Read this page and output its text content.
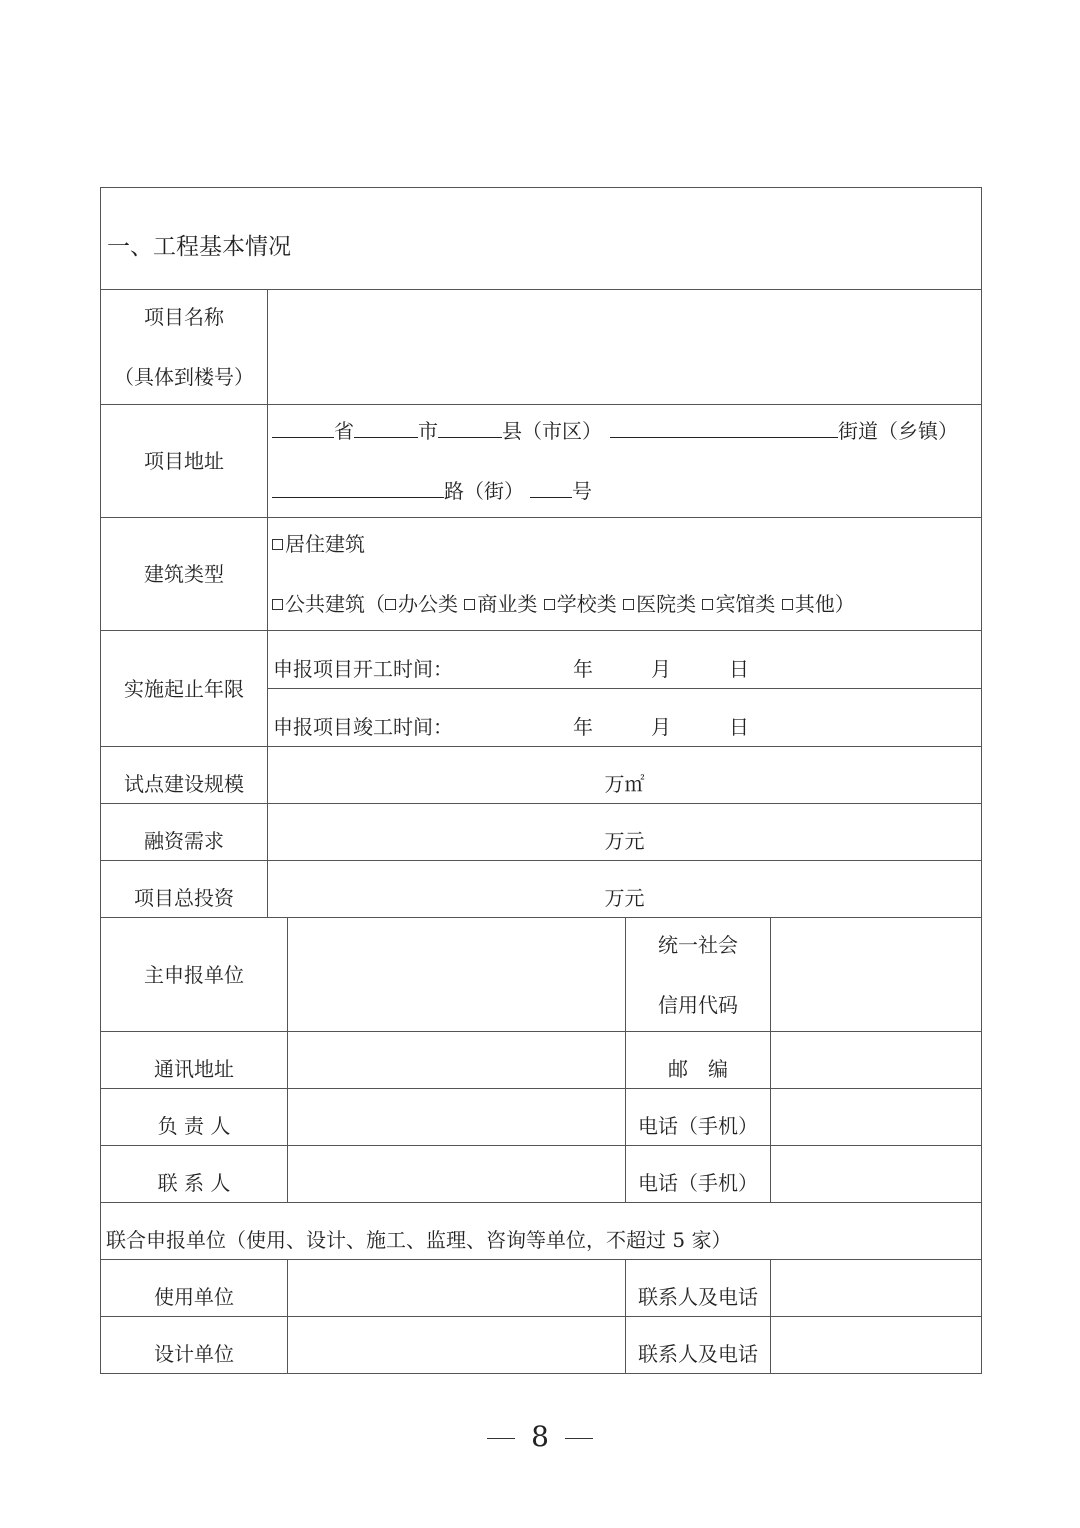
一、工程基本情况				

项目名称
（具体到楼号）				

项目地址	省 市 县（市区） 街道（乡镇）
路（街） 号			

建筑类型	居住建筑
公共建筑（ 办公类 商业类 学校类 医院类 宾馆类 其他）			

实施起止年限	申报项目开工时间： 年 月 日			

	申报项目竣工时间： 年 月 日			

试点建设规模	万㎡			
融资需求	万元			
项目总投资	万元			
主申报单位			统一社会
信用代码	

通讯地址			邮　编	
负 责 人			电话（手机）	
联 系 人			电话（手机）	
联合申报单位（使用、设计、施工、监理、咨询等单位，不超过 5 家）				
使用单位			联系人及电话	
设计单位			联系人及电话	
8
